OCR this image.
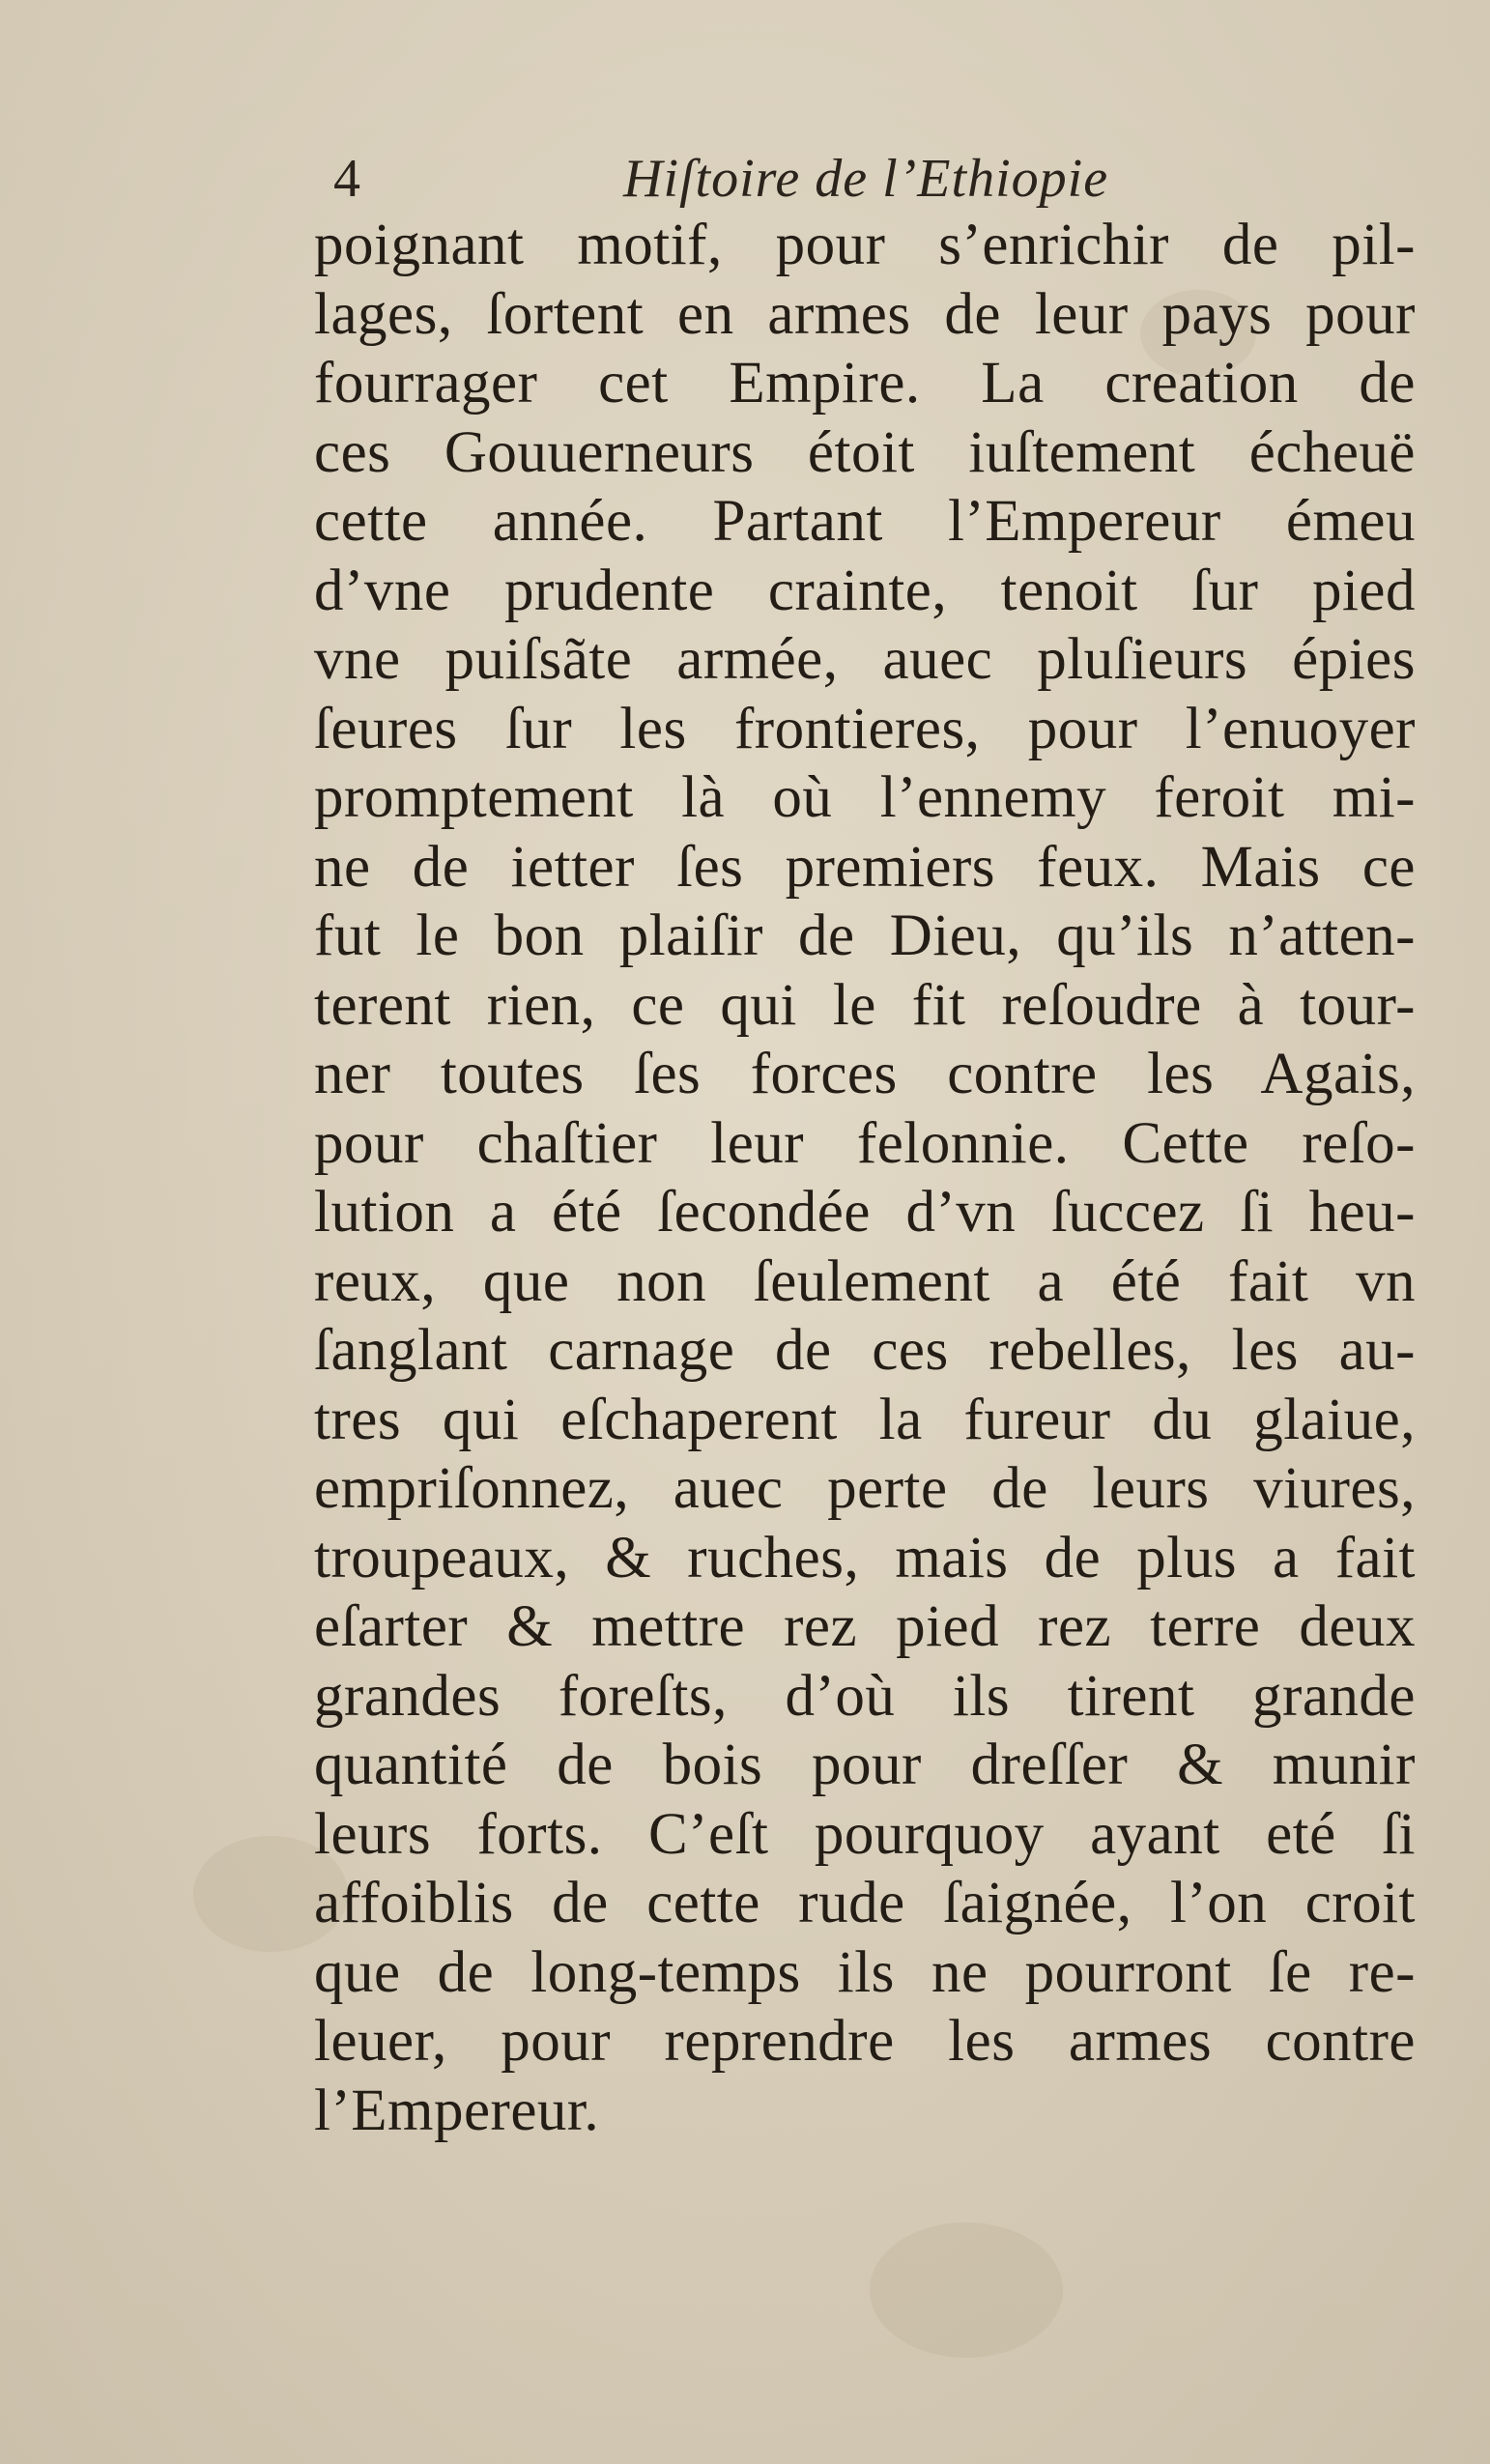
4	Hiſtoire de l’Ethiopie
poignant motif, pour s’enrichir de pil-
lages, ſortent en armes de leur pays pour
fourrager cet Empire. La creation de
ces Gouuerneurs étoit iuſtement écheuë
cette année. Partant l’Empereur émeu
d’vne prudente crainte, tenoit ſur pied
vne puiſsãte armée, auec pluſieurs épies
ſeures ſur les frontieres, pour l’enuoyer
promptement là où l’ennemy feroit mi-
ne de ietter ſes premiers feux. Mais ce
fut le bon plaiſir de Dieu, qu’ils n’atten-
terent rien, ce qui le fit reſoudre à tour-
ner toutes ſes forces contre les Agais,
pour chaſtier leur felonnie. Cette reſo-
lution a été ſecondée d’vn ſuccez ſi heu-
reux, que non ſeulement a été fait vn
ſanglant carnage de ces rebelles, les au-
tres qui eſchaperent la fureur du glaiue,
empriſonnez, auec perte de leurs viures,
troupeaux, & ruches, mais de plus a fait
eſarter & mettre rez pied rez terre deux
grandes foreſts, d’où ils tirent grande
quantité de bois pour dreſſer & munir
leurs forts. C’eſt pourquoy ayant eté ſi
affoiblis de cette rude ſaignée, l’on croit
que de long-temps ils ne pourront ſe re-
leuer, pour reprendre les armes contre
l’Empereur.
